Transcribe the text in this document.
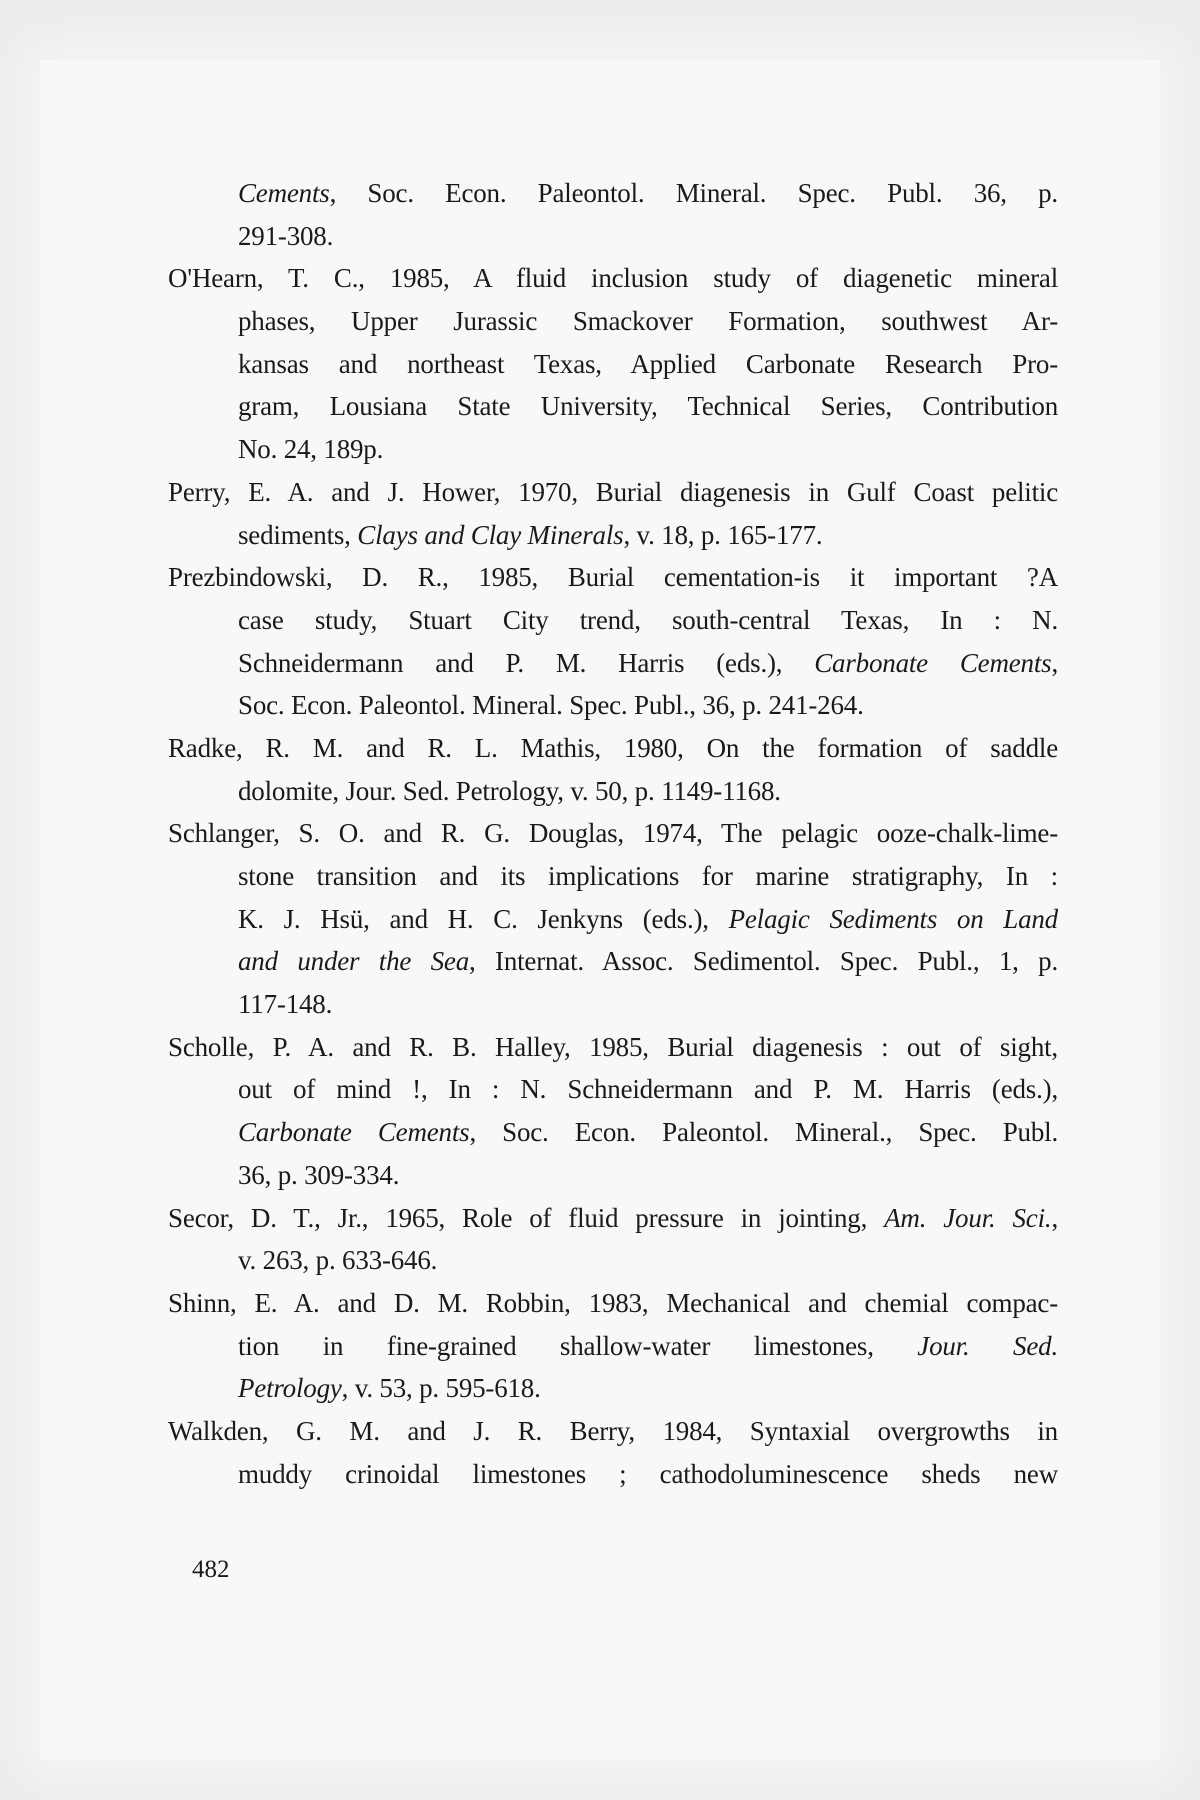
Cements, Soc. Econ. Paleontol. Mineral. Spec. Publ. 36, p.
291-308.
O'Hearn, T. C., 1985, A fluid inclusion study of diagenetic mineral
phases, Upper Jurassic Smackover Formation, southwest Ar-
kansas and northeast Texas, Applied Carbonate Research Pro-
gram, Lousiana State University, Technical Series, Contribution
No. 24, 189p.
Perry, E. A. and J. Hower, 1970, Burial diagenesis in Gulf Coast pelitic
sediments, Clays and Clay Minerals, v. 18, p. 165-177.
Prezbindowski, D. R., 1985, Burial cementation-is it important ?A
case study, Stuart City trend, south-central Texas, In : N.
Schneidermann and P. M. Harris (eds.), Carbonate Cements,
Soc. Econ. Paleontol. Mineral. Spec. Publ., 36, p. 241-264.
Radke, R. M. and R. L. Mathis, 1980, On the formation of saddle
dolomite, Jour. Sed. Petrology, v. 50, p. 1149-1168.
Schlanger, S. O. and R. G. Douglas, 1974, The pelagic ooze-chalk-lime-
stone transition and its implications for marine stratigraphy, In :
K. J. Hsü, and H. C. Jenkyns (eds.), Pelagic Sediments on Land
and under the Sea, Internat. Assoc. Sedimentol. Spec. Publ., 1, p.
117-148.
Scholle, P. A. and R. B. Halley, 1985, Burial diagenesis : out of sight,
out of mind !, In : N. Schneidermann and P. M. Harris (eds.),
Carbonate Cements, Soc. Econ. Paleontol. Mineral., Spec. Publ.
36, p. 309-334.
Secor, D. T., Jr., 1965, Role of fluid pressure in jointing, Am. Jour. Sci.,
v. 263, p. 633-646.
Shinn, E. A. and D. M. Robbin, 1983, Mechanical and chemial compac-
tion in fine-grained shallow-water limestones, Jour. Sed.
Petrology, v. 53, p. 595-618.
Walkden, G. M. and J. R. Berry, 1984, Syntaxial overgrowths in
muddy crinoidal limestones ; cathodoluminescence sheds new
482
